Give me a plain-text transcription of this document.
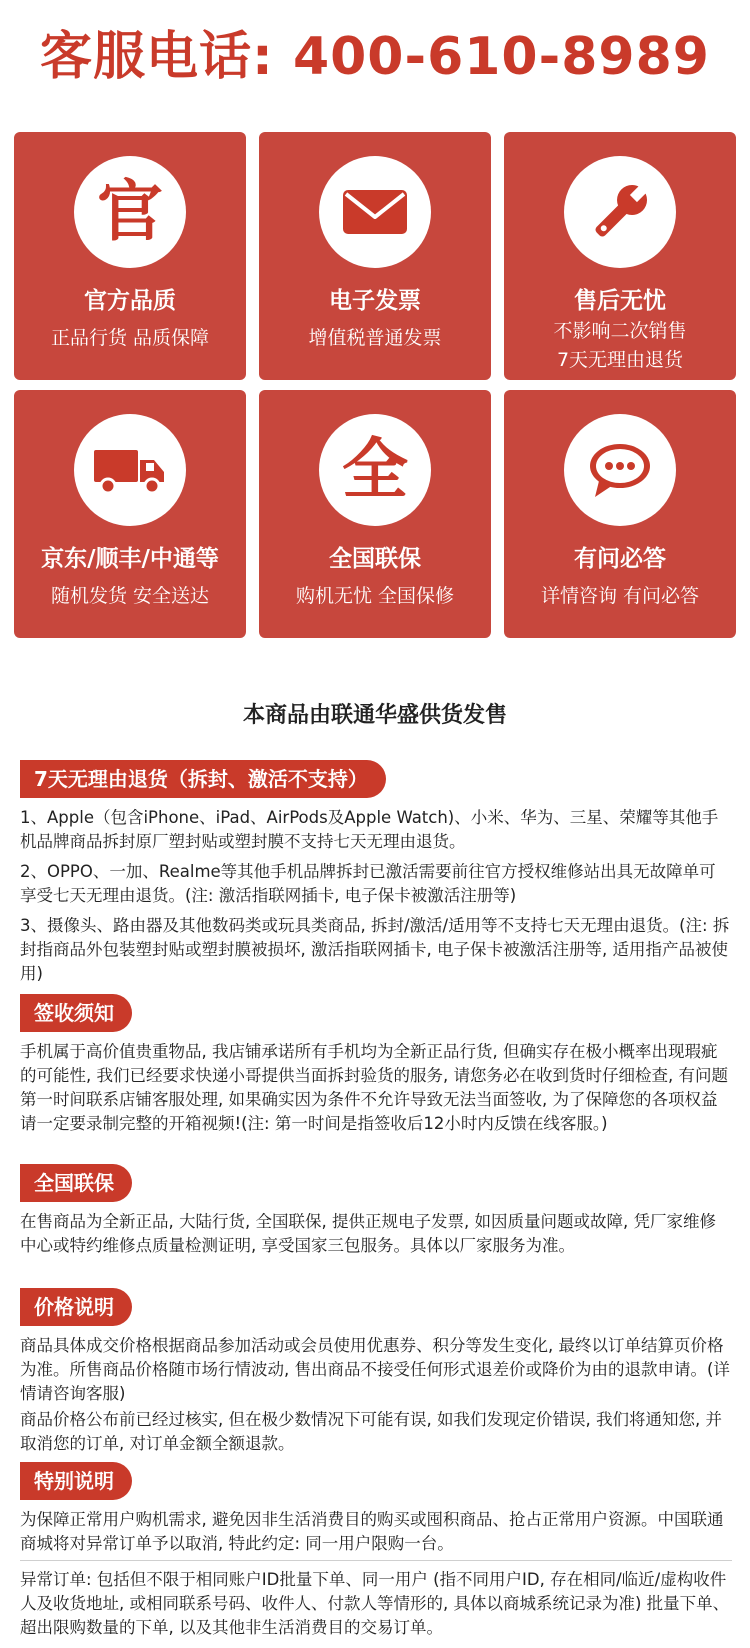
客服电话: 400-610-8989
官
官方品质
正品行货 品质保障
电子发票
增值税普通发票
售后无忧
不影响二次销售
7天无理由退货
京东/顺丰/中通等
随机发货 安全送达
全
全国联保
购机无忧 全国保修
有问必答
详情咨询 有问必答
本商品由联通华盛供货发售
7天无理由退货（拆封、激活不支持）
1、Apple（包含iPhone、iPad、AirPods及Apple Watch)、小米、华为、三星、荣耀等其他手机品牌商品拆封原厂塑封贴或塑封膜不支持七天无理由退货。
2、OPPO、一加、Realme等其他手机品牌拆封已激活需要前往官方授权维修站出具无故障单可享受七天无理由退货。(注: 激活指联网插卡, 电子保卡被激活注册等)
3、摄像头、路由器及其他数码类或玩具类商品, 拆封/激活/适用等不支持七天无理由退货。(注: 拆封指商品外包装塑封贴或塑封膜被损坏, 激活指联网插卡, 电子保卡被激活注册等, 适用指产品被使用)
签收须知
手机属于高价值贵重物品, 我店铺承诺所有手机均为全新正品行货, 但确实存在极小概率出现瑕疵的可能性, 我们已经要求快递小哥提供当面拆封验货的服务, 请您务必在收到货时仔细检查, 有问题第一时间联系店铺客服处理, 如果确实因为条件不允许导致无法当面签收, 为了保障您的各项权益请一定要录制完整的开箱视频!(注: 第一时间是指签收后12小时内反馈在线客服。)
全国联保
在售商品为全新正品, 大陆行货, 全国联保, 提供正规电子发票, 如因质量问题或故障, 凭厂家维修中心或特约维修点质量检测证明, 享受国家三包服务。具体以厂家服务为准。
价格说明
商品具体成交价格根据商品参加活动或会员使用优惠券、积分等发生变化, 最终以订单结算页价格为准。所售商品价格随市场行情波动, 售出商品不接受任何形式退差价或降价为由的退款申请。(详情请咨询客服)
商品价格公布前已经过核实, 但在极少数情况下可能有误, 如我们发现定价错误, 我们将通知您, 并取消您的订单, 对订单金额全额退款。
特别说明
为保障正常用户购机需求, 避免因非生活消费目的购买或囤积商品、抢占正常用户资源。中国联通商城将对异常订单予以取消, 特此约定: 同一用户限购一台。
异常订单: 包括但不限于相同账户ID批量下单、同一用户 (指不同用户ID, 存在相同/临近/虚构收件人及收货地址, 或相同联系号码、收件人、付款人等情形的, 具体以商城系统记录为准) 批量下单、超出限购数量的下单, 以及其他非生活消费目的交易订单。
